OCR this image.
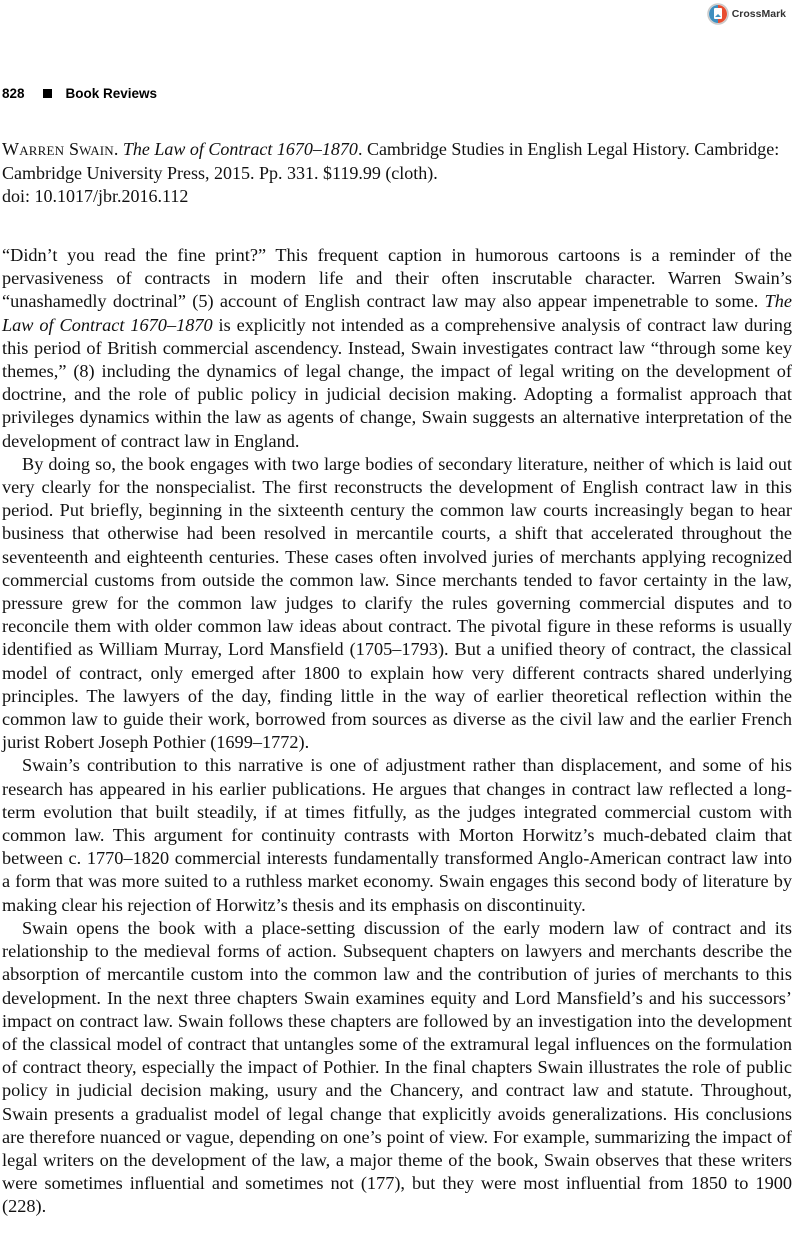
CrossMark
828	Book Reviews
Warren Swain. The Law of Contract 1670–1870. Cambridge Studies in English Legal History. Cambridge: Cambridge University Press, 2015. Pp. 331. $119.99 (cloth).
doi: 10.1017/jbr.2016.112

“Didn’t you read the fine print?” This frequent caption in humorous cartoons is a reminder of the pervasiveness of contracts in modern life and their often inscrutable character. Warren Swain’s “unashamedly doctrinal” (5) account of English contract law may also appear impenetrable to some. The Law of Contract 1670–1870 is explicitly not intended as a comprehensive analysis of contract law during this period of British commercial ascendency. Instead, Swain investigates contract law “through some key themes,” (8) including the dynamics of legal change, the impact of legal writing on the development of doctrine, and the role of public policy in judicial decision making. Adopting a formalist approach that privileges dynamics within the law as agents of change, Swain suggests an alternative interpretation of the development of contract law in England.

By doing so, the book engages with two large bodies of secondary literature, neither of which is laid out very clearly for the nonspecialist. The first reconstructs the development of English contract law in this period. Put briefly, beginning in the sixteenth century the common law courts increasingly began to hear business that otherwise had been resolved in mercantile courts, a shift that accelerated throughout the seventeenth and eighteenth centuries. These cases often involved juries of merchants applying recognized commercial customs from outside the common law. Since merchants tended to favor certainty in the law, pressure grew for the common law judges to clarify the rules governing commercial disputes and to reconcile them with older common law ideas about contract. The pivotal figure in these reforms is usually identified as William Murray, Lord Mansfield (1705–1793). But a unified theory of contract, the classical model of contract, only emerged after 1800 to explain how very different contracts shared underlying principles. The lawyers of the day, finding little in the way of earlier theoretical reflection within the common law to guide their work, borrowed from sources as diverse as the civil law and the earlier French jurist Robert Joseph Pothier (1699–1772).

Swain’s contribution to this narrative is one of adjustment rather than displacement, and some of his research has appeared in his earlier publications. He argues that changes in contract law reflected a long-term evolution that built steadily, if at times fitfully, as the judges integrated commercial custom with common law. This argument for continuity contrasts with Morton Horwitz’s much-debated claim that between c. 1770–1820 commercial interests fundamentally transformed Anglo-American contract law into a form that was more suited to a ruthless market economy. Swain engages this second body of literature by making clear his rejection of Horwitz’s thesis and its emphasis on discontinuity.

Swain opens the book with a place-setting discussion of the early modern law of contract and its relationship to the medieval forms of action. Subsequent chapters on lawyers and merchants describe the absorption of mercantile custom into the common law and the contribution of juries of merchants to this development. In the next three chapters Swain examines equity and Lord Mansfield’s and his successors’ impact on contract law. Swain follows these chapters are followed by an investigation into the development of the classical model of contract that untangles some of the extramural legal influences on the formulation of contract theory, especially the impact of Pothier. In the final chapters Swain illustrates the role of public policy in judicial decision making, usury and the Chancery, and contract law and statute. Throughout, Swain presents a gradualist model of legal change that explicitly avoids generalizations. His conclusions are therefore nuanced or vague, depending on one’s point of view. For example, summarizing the impact of legal writers on the development of the law, a major theme of the book, Swain observes that these writers were sometimes influential and sometimes not (177), but they were most influential from 1850 to 1900 (228).
